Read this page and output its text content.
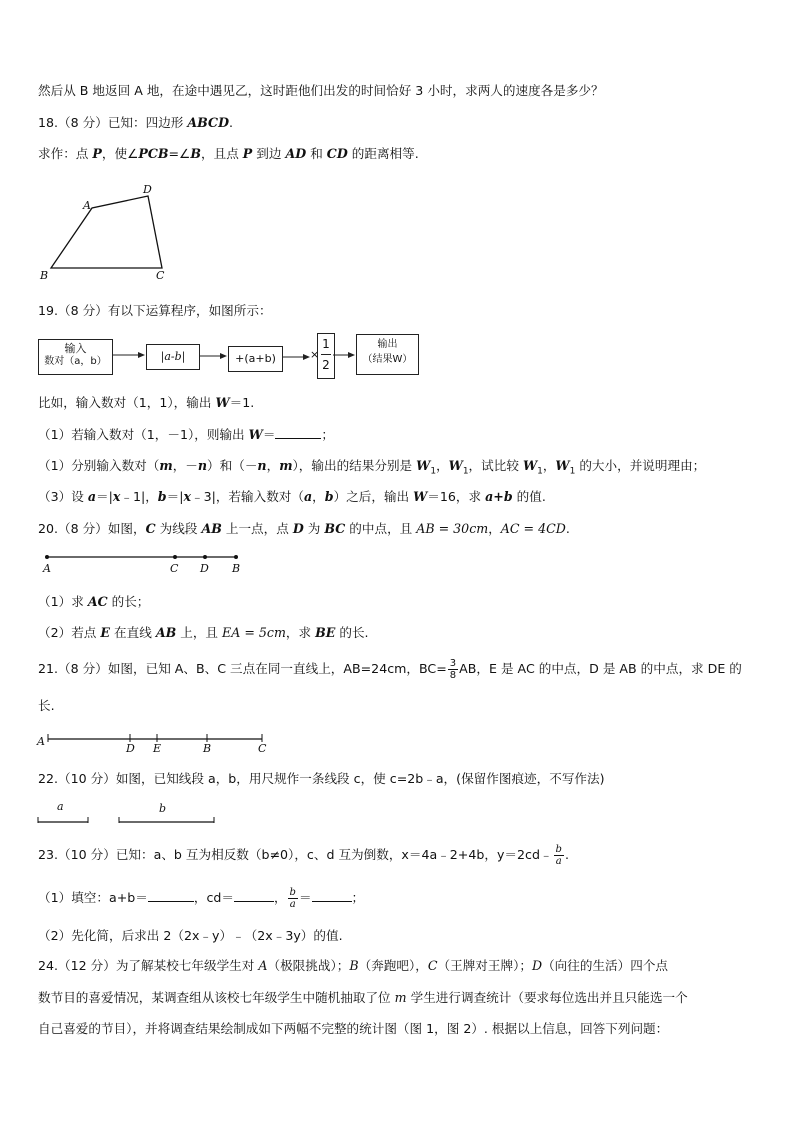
然后从 B 地返回 A 地，在途中遇见乙，这时距他们出发的时间恰好 3 小时，求两人的速度各是多少？
18.（8 分）已知：四边形 ABCD.
求作：点 P，使∠PCB=∠B，且点 P 到边 AD 和 CD 的距离相等.
A
D
B	C
19.（8 分）有以下运算程序，如图所示：
输入
数对（a，b）	|a-b|	+(a+b)	×
$\frac{1}{2}$	输出
（结果W）
比如，输入数对（1，1），输出 W＝1.
（1）若输入数对（1，－1），则输出 W＝	；
（1）分别输入数对（m，－n）和（－n，m），输出的结果分别是 $W_1$，$W_1$，试比较 $W_1$，$W_1$ 的大小，并说明理由；
（3）设 a＝|x﹣1|，b＝|x﹣3|，若输入数对（a，b）之后，输出 W＝16，求 a+b 的值.
20.（8 分）如图，C 为线段 AB 上一点，点 D 为 BC 的中点，且 AB = 30cm，AC = 4CD.
A	C D B
（1）求 AC 的长；
（2）若点 E 在直线 AB 上，且 EA = 5cm，求 BE 的长.
21.（8 分）如图，已知 A、B、C 三点在同一直线上，AB=24cm，$BC= \frac{3}{8}$ AB，E 是 AC 的中点，D 是 AB 的中点，求 DE 的
长.
A
D E	B	C
22.（10 分）如图，已知线段 a，b，用尺规作一条线段 c，使 c=2b﹣a，(保留作图痕迹，不写作法)
a	b
23.（10 分）已知：a、b 互为相反数（b≠0），c、d 互为倒数，x＝4a﹣2+4b，y＝2cd﹣ $\frac{b}{a}$ .
（1）填空：a+b＝	，cd＝	， $\frac{b}{a}$ ＝	；
（2）先化简，后求出 2（2x﹣y）﹣（2x﹣3y）的值.
24.（12 分）为了解某校七年级学生对 A（极限挑战）；B（奔跑吧），C（王牌对王牌）；D（向往的生活）四个点
数节目的喜爱情况，某调查组从该校七年级学生中随机抽取了位 m 学生进行调查统计（要求每位选出并且只能选一个
自己喜爱的节目），并将调查结果绘制成如下两幅不完整的统计图（图 1，图 2）. 根据以上信息，回答下列问题：
